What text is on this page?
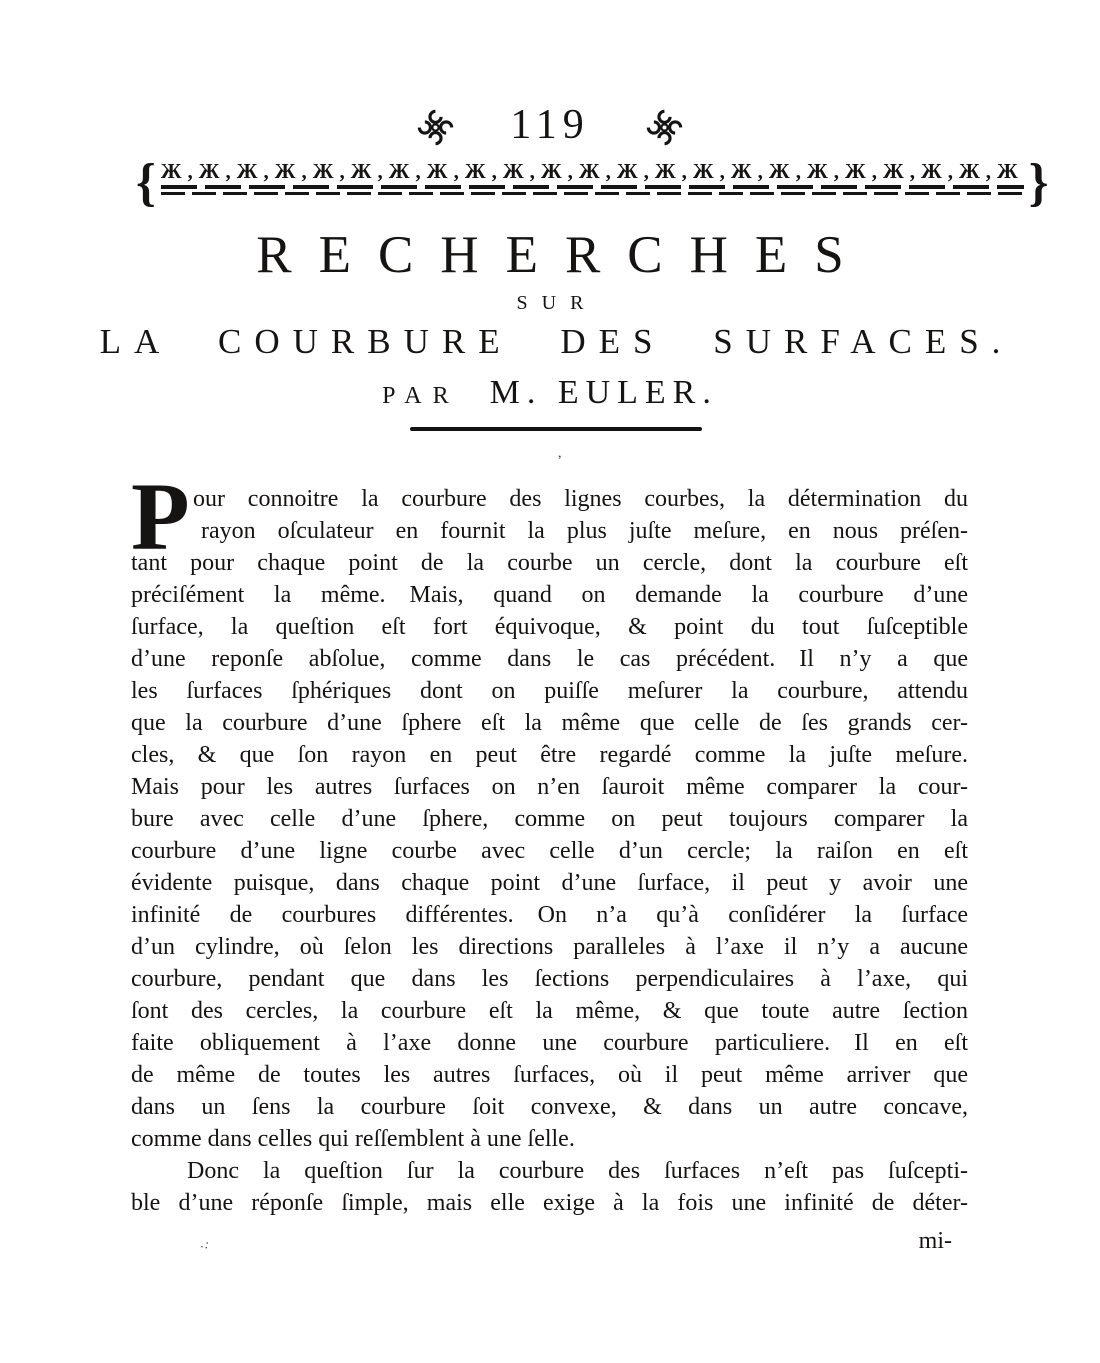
119
{ Ж,Ж,Ж,Ж,Ж,Ж,Ж,Ж,Ж,Ж,Ж,Ж,Ж,Ж,Ж,Ж,Ж,Ж,Ж,Ж,Ж,Ж,Ж }
RECHERCHES
SUR
LA COURBURE DES SURFACES.
PAR M. EULER.
,
P our connoitre la courbure des lignes courbes, la détermination du
rayon oſculateur en fournit la plus juſte meſure, en nous préſen-
tant pour chaque point de la courbe un cercle, dont la courbure eſt
préciſément la même.  Mais, quand on demande la courbure d’une
ſurface, la queſtion eſt fort équivoque, & point du tout ſuſceptible
d’une reponſe abſolue, comme dans le cas précédent.  Il n’y a que
les ſurfaces ſphériques dont on puiſſe meſurer la courbure, attendu
que la courbure d’une ſphere eſt la même que celle de ſes grands cer-
cles, & que ſon rayon en peut être regardé comme la juſte meſure.
Mais pour les autres ſurfaces on n’en ſauroit même comparer la cour-
bure avec celle d’une ſphere, comme on peut toujours comparer la
courbure d’une ligne courbe avec celle d’un cercle; la raiſon en eſt
évidente puisque, dans chaque point d’une ſurface, il peut y avoir une
infinité de courbures différentes.  On n’a qu’à conſidérer la ſurface
d’un cylindre, où ſelon les directions paralleles à l’axe il n’y a aucune
courbure, pendant que dans les ſections perpendiculaires à l’axe, qui
ſont des cercles, la courbure eſt la même, & que toute autre ſection
faite obliquement à l’axe donne une courbure particuliere.  Il en eſt
de même de toutes les autres ſurfaces, où il peut même arriver que
dans un ſens la courbure ſoit convexe, & dans un autre concave,
comme dans celles qui reſſemblent à une ſelle.
Donc la queſtion ſur la courbure des ſurfaces n’eſt pas ſuſcepti-
ble d’une réponſe ſimple, mais elle exige à la fois une infinité de déter-
mi-
.:
